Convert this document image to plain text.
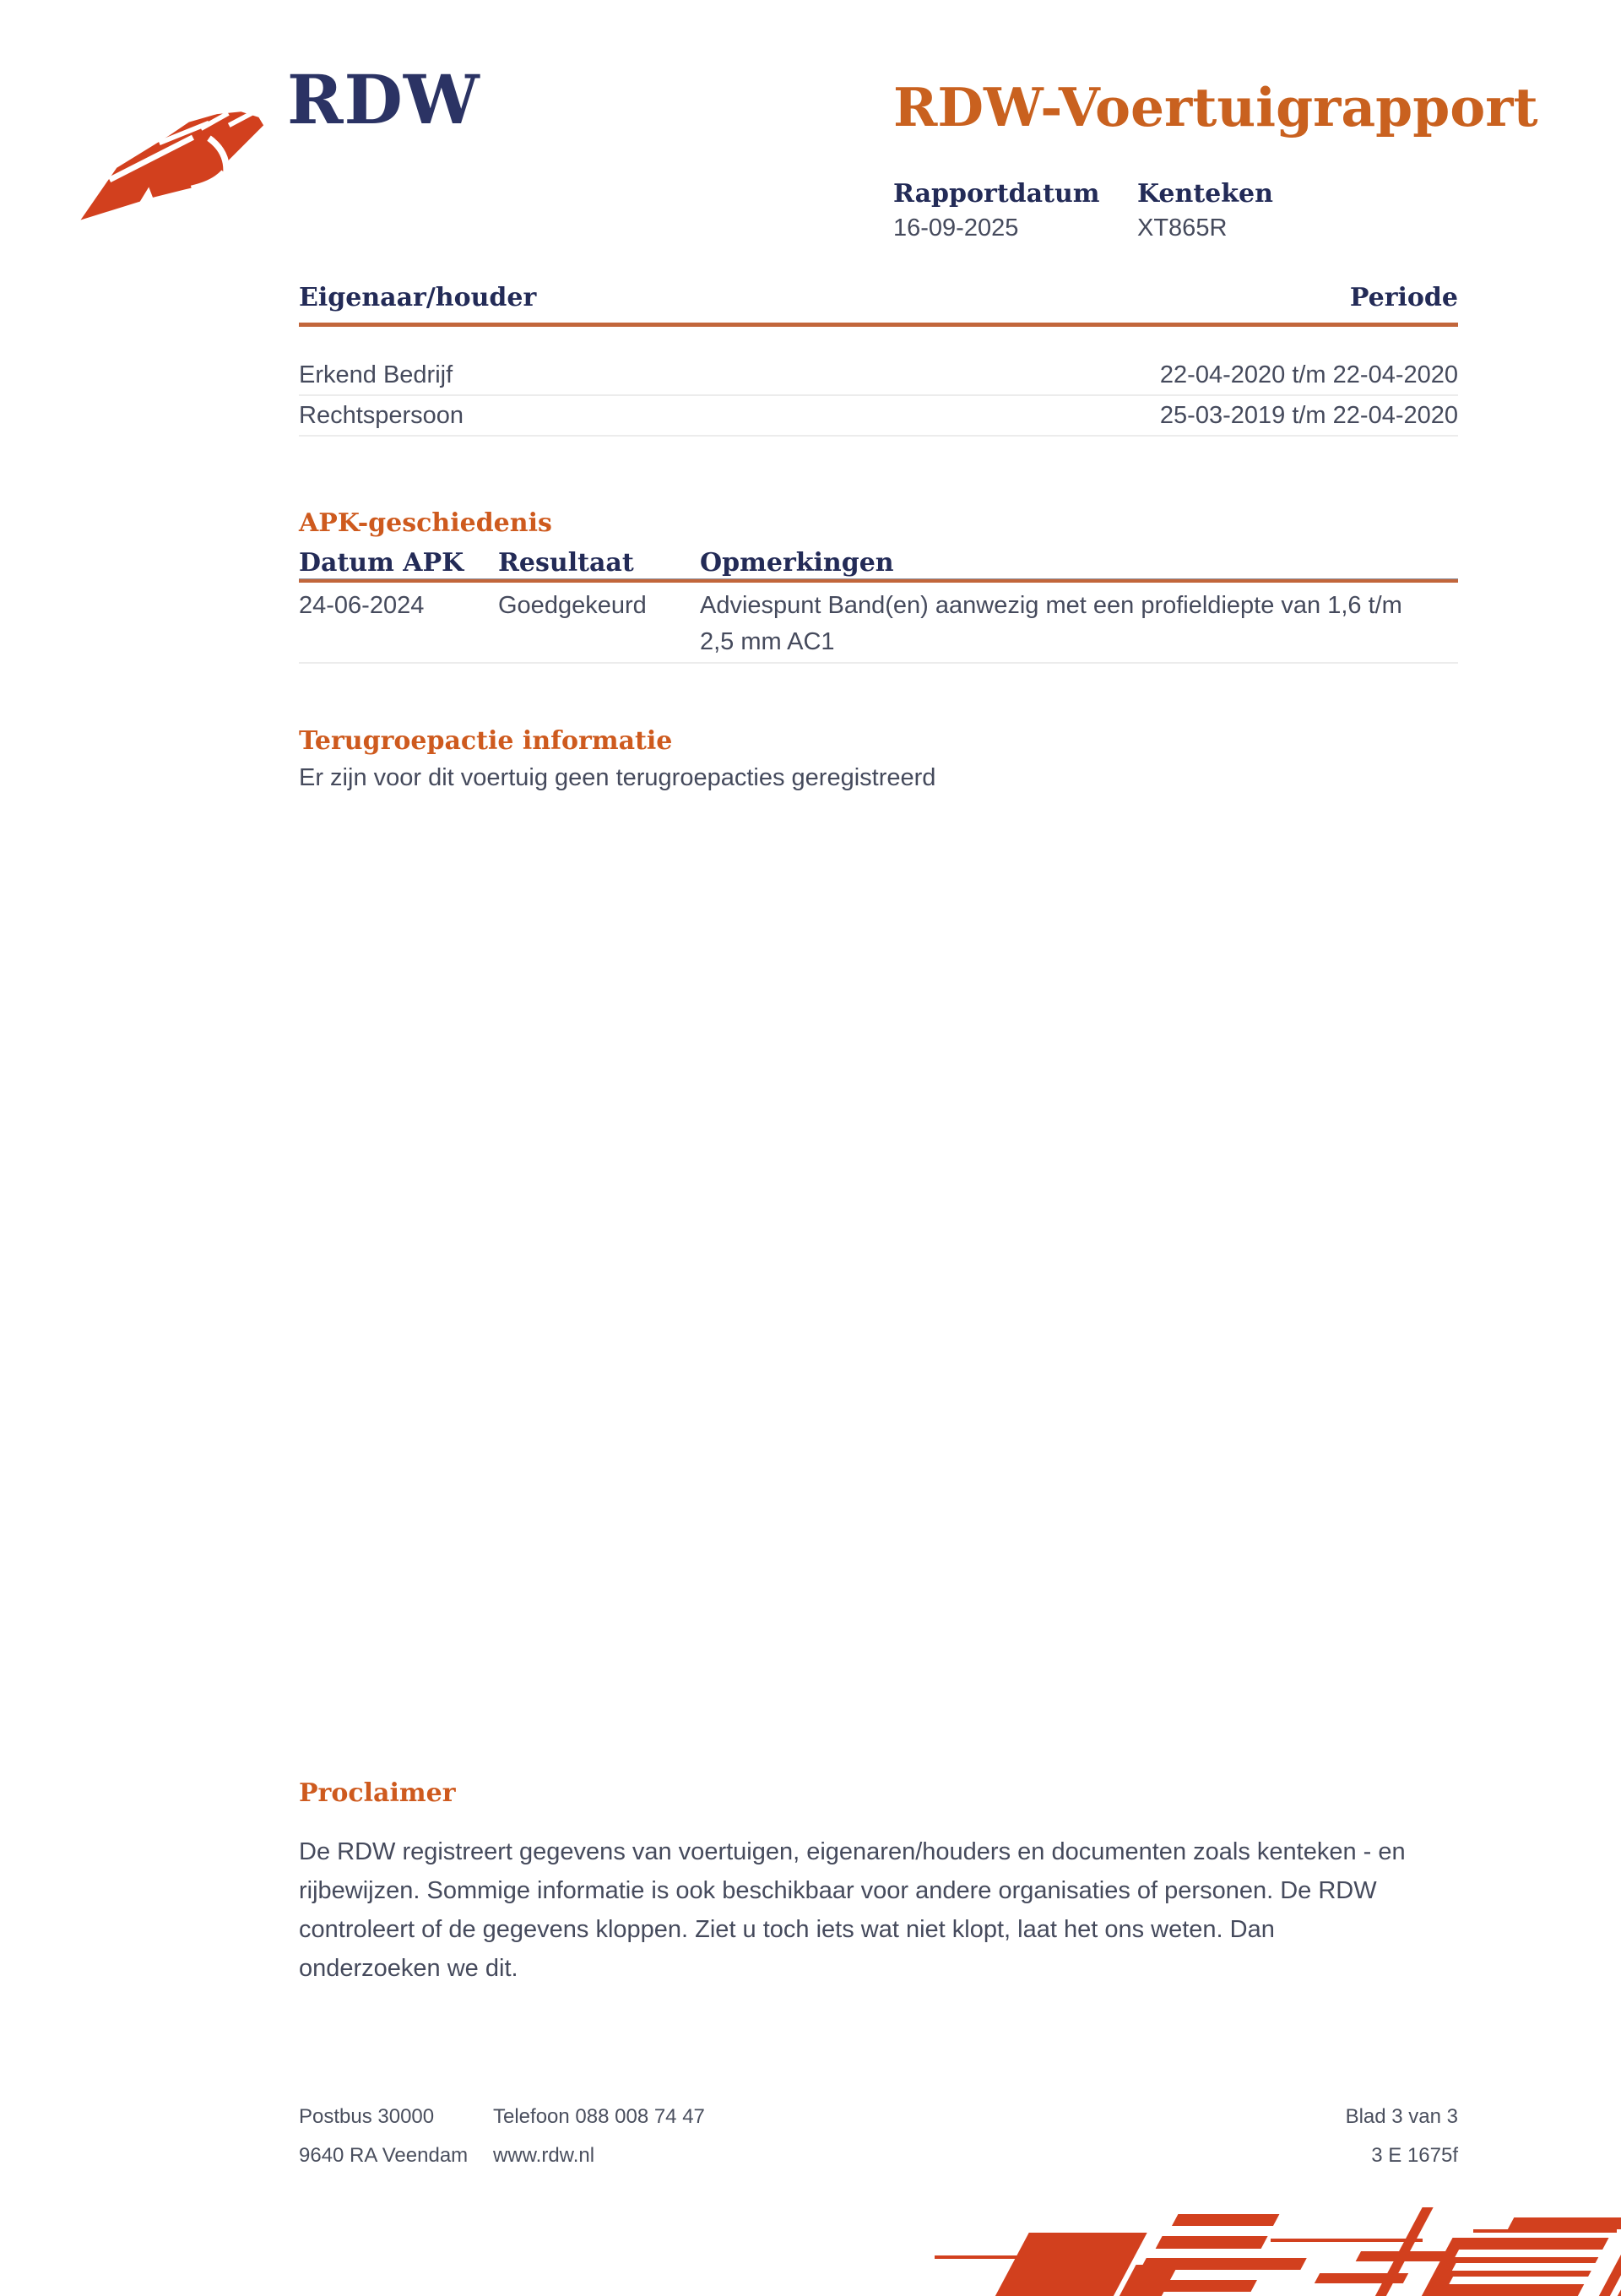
RDW	RDW-Voertuigrapport
Rapportdatum	Kenteken
16-09-2025	XT865R
Eigenaar/houder	Periode
Erkend Bedrijf	22-04-2020 t/m 22-04-2020
Rechtspersoon	25-03-2019 t/m 22-04-2020
APK-geschiedenis
Datum APK	Resultaat	Opmerkingen
24-06-2024	Goedgekeurd	Adviespunt Band(en) aanwezig met een profieldiepte van 1,6 t/m 2,5 mm AC1
Terugroepactie informatie
Er zijn voor dit voertuig geen terugroepacties geregistreerd
Proclaimer
De RDW registreert gegevens van voertuigen, eigenaren/houders en documenten zoals kenteken - en rijbewijzen. Sommige informatie is ook beschikbaar voor andere organisaties of personen. De RDW controleert of de gegevens kloppen. Ziet u toch iets wat niet klopt, laat het ons weten. Dan onderzoeken we dit.
Postbus 30000	Telefoon 088 008 74 47	Blad 3 van 3
9640 RA Veendam	www.rdw.nl	3 E 1675f
